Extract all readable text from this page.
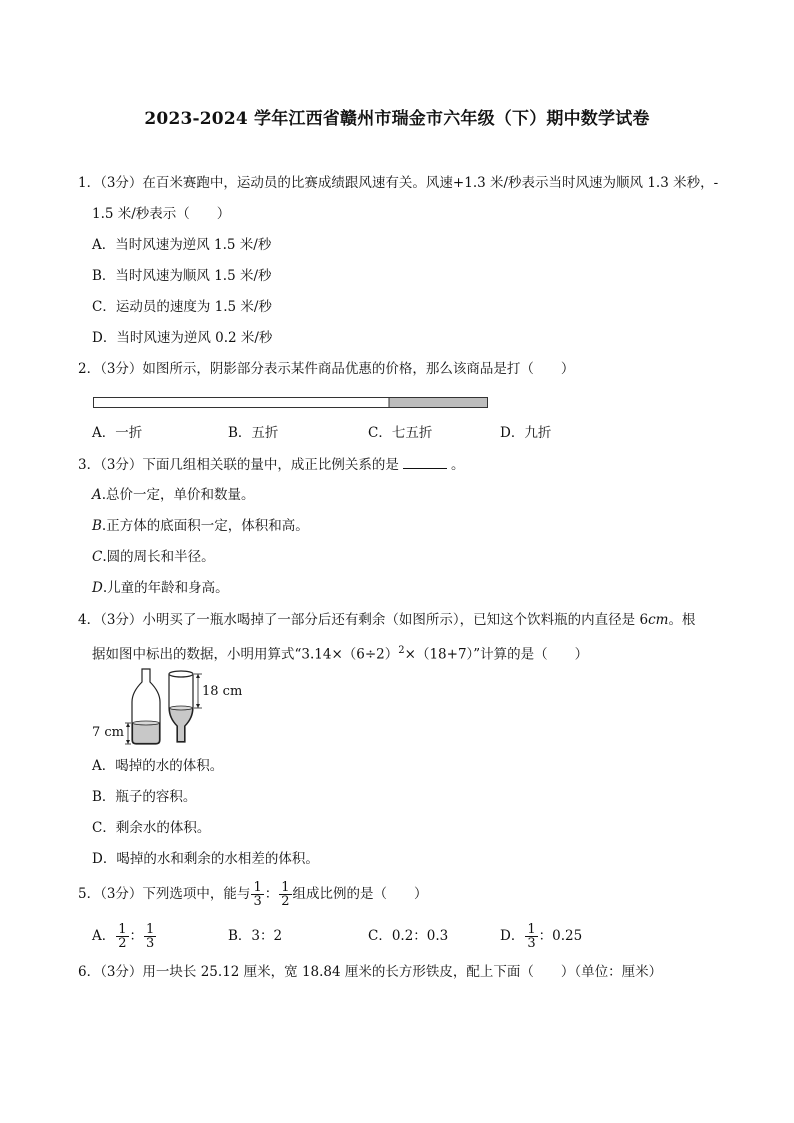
2023-2024 学年江西省赣州市瑞金市六年级（下）期中数学试卷
1．（3分）在百米赛跑中，运动员的比赛成绩跟风速有关。风速+1.3 米/秒表示当时风速为顺风 1.3 米秒，-
1.5 米/秒表示（　　）
A．当时风速为逆风 1.5 米/秒
B．当时风速为顺风 1.5 米/秒
C．运动员的速度为 1.5 米/秒
D．当时风速为逆风 0.2 米/秒
2．（3分）如图所示，阴影部分表示某件商品优惠的价格，那么该商品是打（　　）
A．一折	B．五折	C．七五折	D．九折
3．（3分）下面几组相关联的量中，成正比例关系的是	。
A.总价一定，单价和数量。
B.正方体的底面积一定，体积和高。
C.圆的周长和半径。
D.儿童的年龄和身高。
4．（3分）小明买了一瓶水喝掉了一部分后还有剩余（如图所示），已知这个饮料瓶的内直径是 6cm。根
据如图中标出的数据，小明用算式“$3.14\times(6\div 2)^2\times(18+7)$”计算的是（　　）
18 cm
7 cm
A．喝掉的水的体积。
B．瓶子的容积。
C．剩余水的体积。
D．喝掉的水和剩余的水相差的体积。
5．（3分）下列选项中，能与 $\frac{1}{3}$ ： $\frac{1}{2}$ 组成比例的是（　　）
A． $\frac{1}{2}$ ： $\frac{1}{3}$	B．3：2	C．0.2：0.3	D． $\frac{1}{3}$ ：0.25
6．（3分）用一块长 25.12 厘米，宽 18.84 厘米的长方形铁皮，配上下面（　　）（单位：厘米）
